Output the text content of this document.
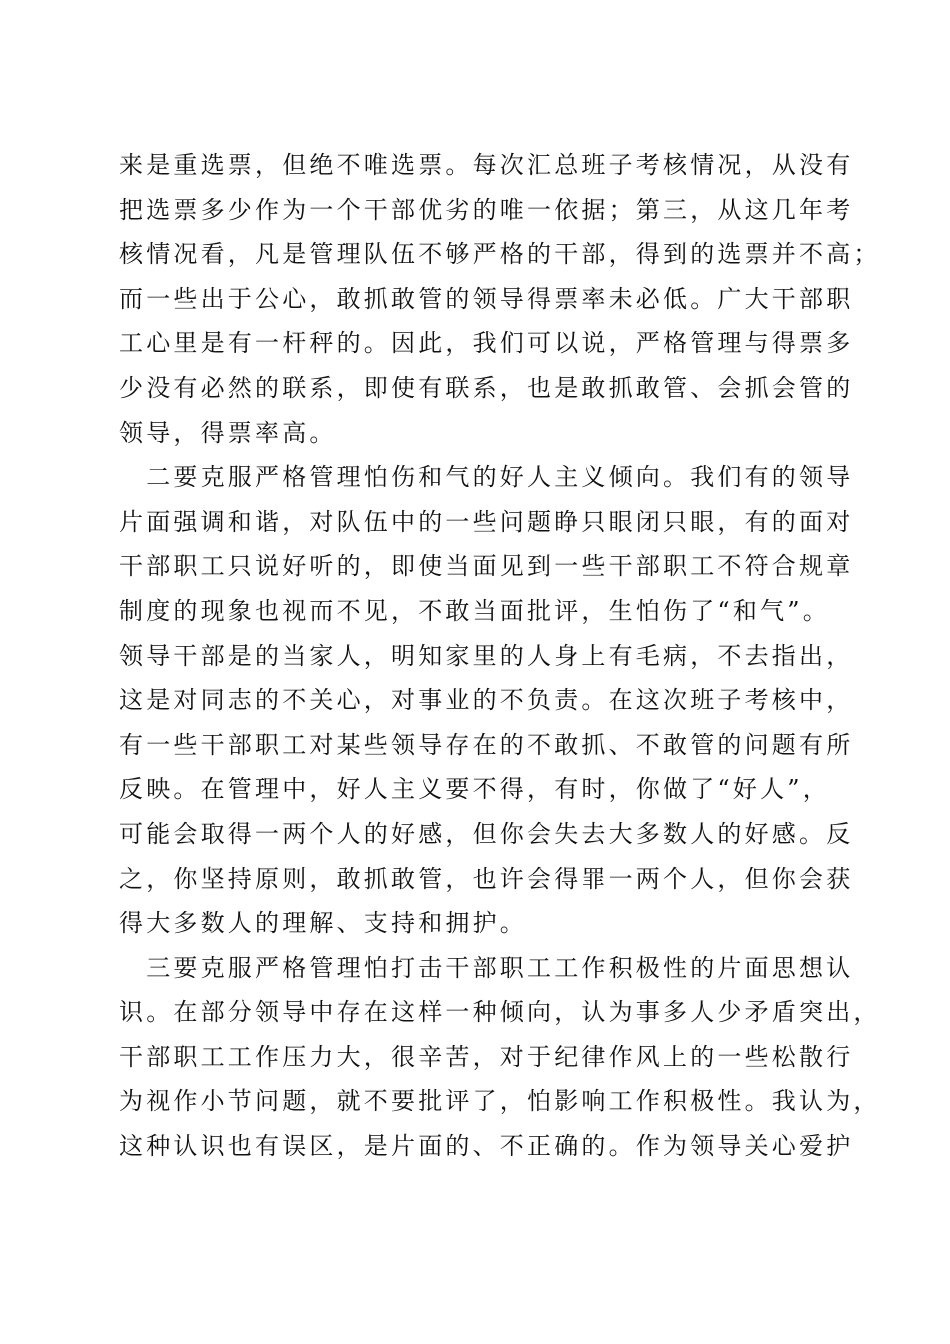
来是重选票，但绝不唯选票。每次汇总班子考核情况，从没有

把选票多少作为一个干部优劣的唯一依据；第三，从这几年考

核情况看，凡是管理队伍不够严格的干部，得到的选票并不高；

而一些出于公心，敢抓敢管的领导得票率未必低。广大干部职

工心里是有一杆秤的。因此，我们可以说，严格管理与得票多

少没有必然的联系，即使有联系，也是敢抓敢管、会抓会管的

领导，得票率高。

　二要克服严格管理怕伤和气的好人主义倾向。我们有的领导

片面强调和谐，对队伍中的一些问题睁只眼闭只眼，有的面对

干部职工只说好听的，即使当面见到一些干部职工不符合规章

制度的现象也视而不见，不敢当面批评，生怕伤了“和气”。

领导干部是的当家人，明知家里的人身上有毛病，不去指出，

这是对同志的不关心，对事业的不负责。在这次班子考核中，

有一些干部职工对某些领导存在的不敢抓、不敢管的问题有所

反映。在管理中，好人主义要不得，有时，你做了“好人”，

可能会取得一两个人的好感，但你会失去大多数人的好感。反

之，你坚持原则，敢抓敢管，也许会得罪一两个人，但你会获

得大多数人的理解、支持和拥护。

　三要克服严格管理怕打击干部职工工作积极性的片面思想认

识。在部分领导中存在这样一种倾向，认为事多人少矛盾突出，

干部职工工作压力大，很辛苦，对于纪律作风上的一些松散行

为视作小节问题，就不要批评了，怕影响工作积极性。我认为，

这种认识也有误区，是片面的、不正确的。作为领导关心爱护
